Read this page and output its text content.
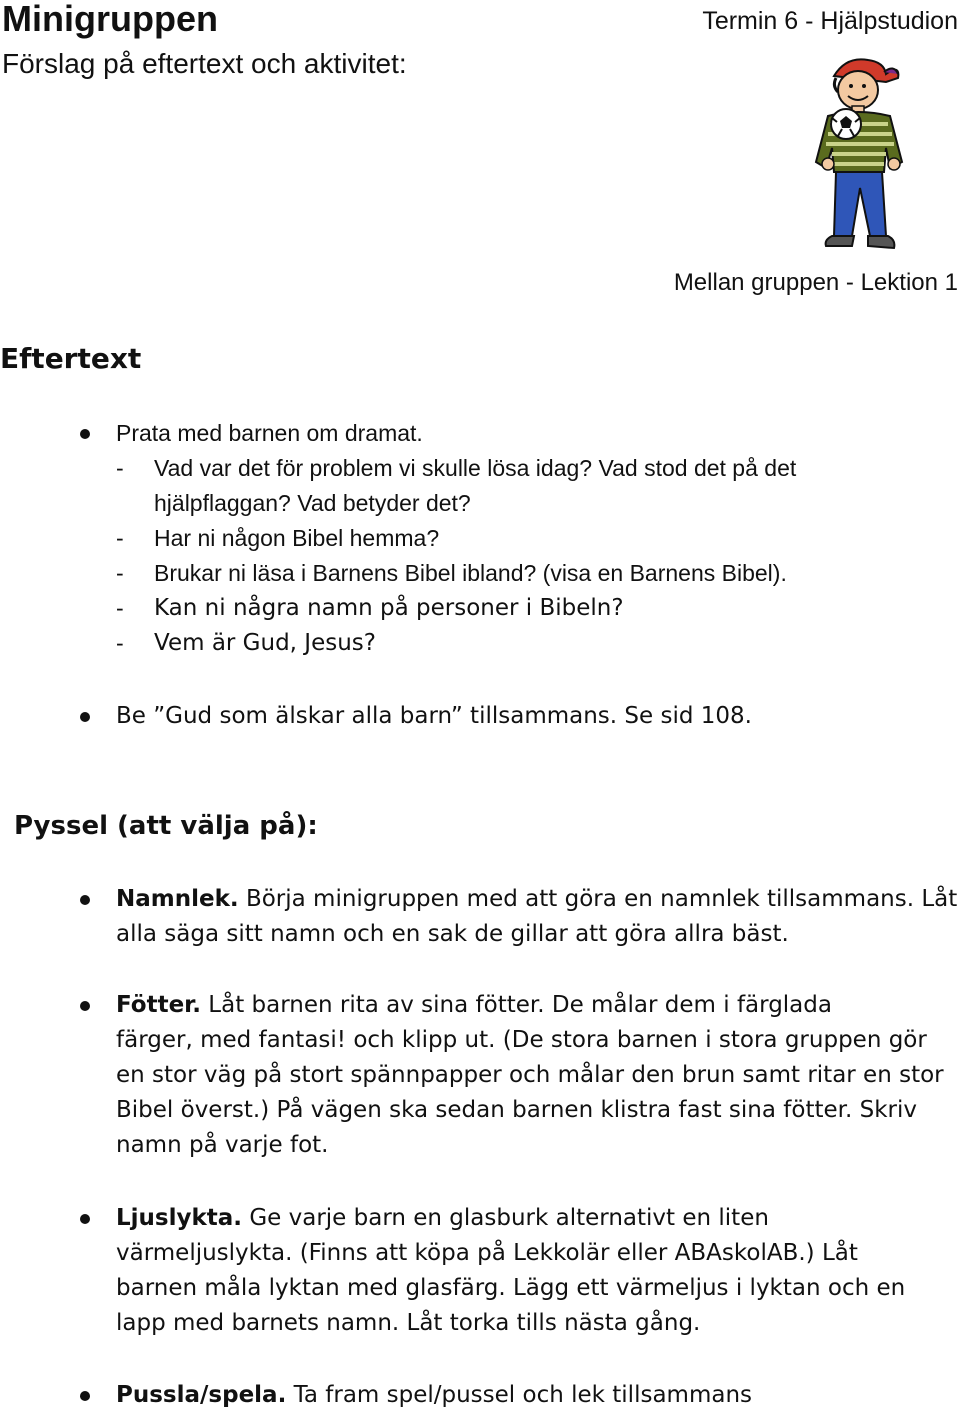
Minigruppen

Förslag på eftertext och aktivitet:

Termin 6 - Hjälpstudion

Mellan gruppen - Lektion 1

Eftertext

Prata med barnen om dramat.

- Vad var det för problem vi skulle lösa idag? Vad stod det på det
hjälpflaggan? Vad betyder det?
- Har ni någon Bibel hemma?
- Brukar ni läsa i Barnens Bibel ibland? (visa en Barnens Bibel).
- Kan ni några namn på personer i Bibeln?
- Vem är Gud, Jesus?

Be ”Gud som älskar alla barn” tillsammans. Se sid 108.

Pyssel (att välja på):

Namnlek. Börja minigruppen med att göra en namnlek tillsammans. Låt

alla säga sitt namn och en sak de gillar att göra allra bäst.

Fötter. Låt barnen rita av sina fötter. De målar dem i färglada

färger, med fantasi! och klipp ut. (De stora barnen i stora gruppen gör

en stor väg på stort spännpapper och målar den brun samt ritar en stor

Bibel överst.) På vägen ska sedan barnen klistra fast sina fötter. Skriv

namn på varje fot.

Ljuslykta. Ge varje barn en glasburk alternativt en liten

värmeljuslykta. (Finns att köpa på Lekkolär eller ABAskolAB.) Låt

barnen måla lyktan med glasfärg. Lägg ett värmeljus i lyktan och en

lapp med barnets namn. Låt torka tills nästa gång.

Pussla/spela. Ta fram spel/pussel och lek tillsammans
